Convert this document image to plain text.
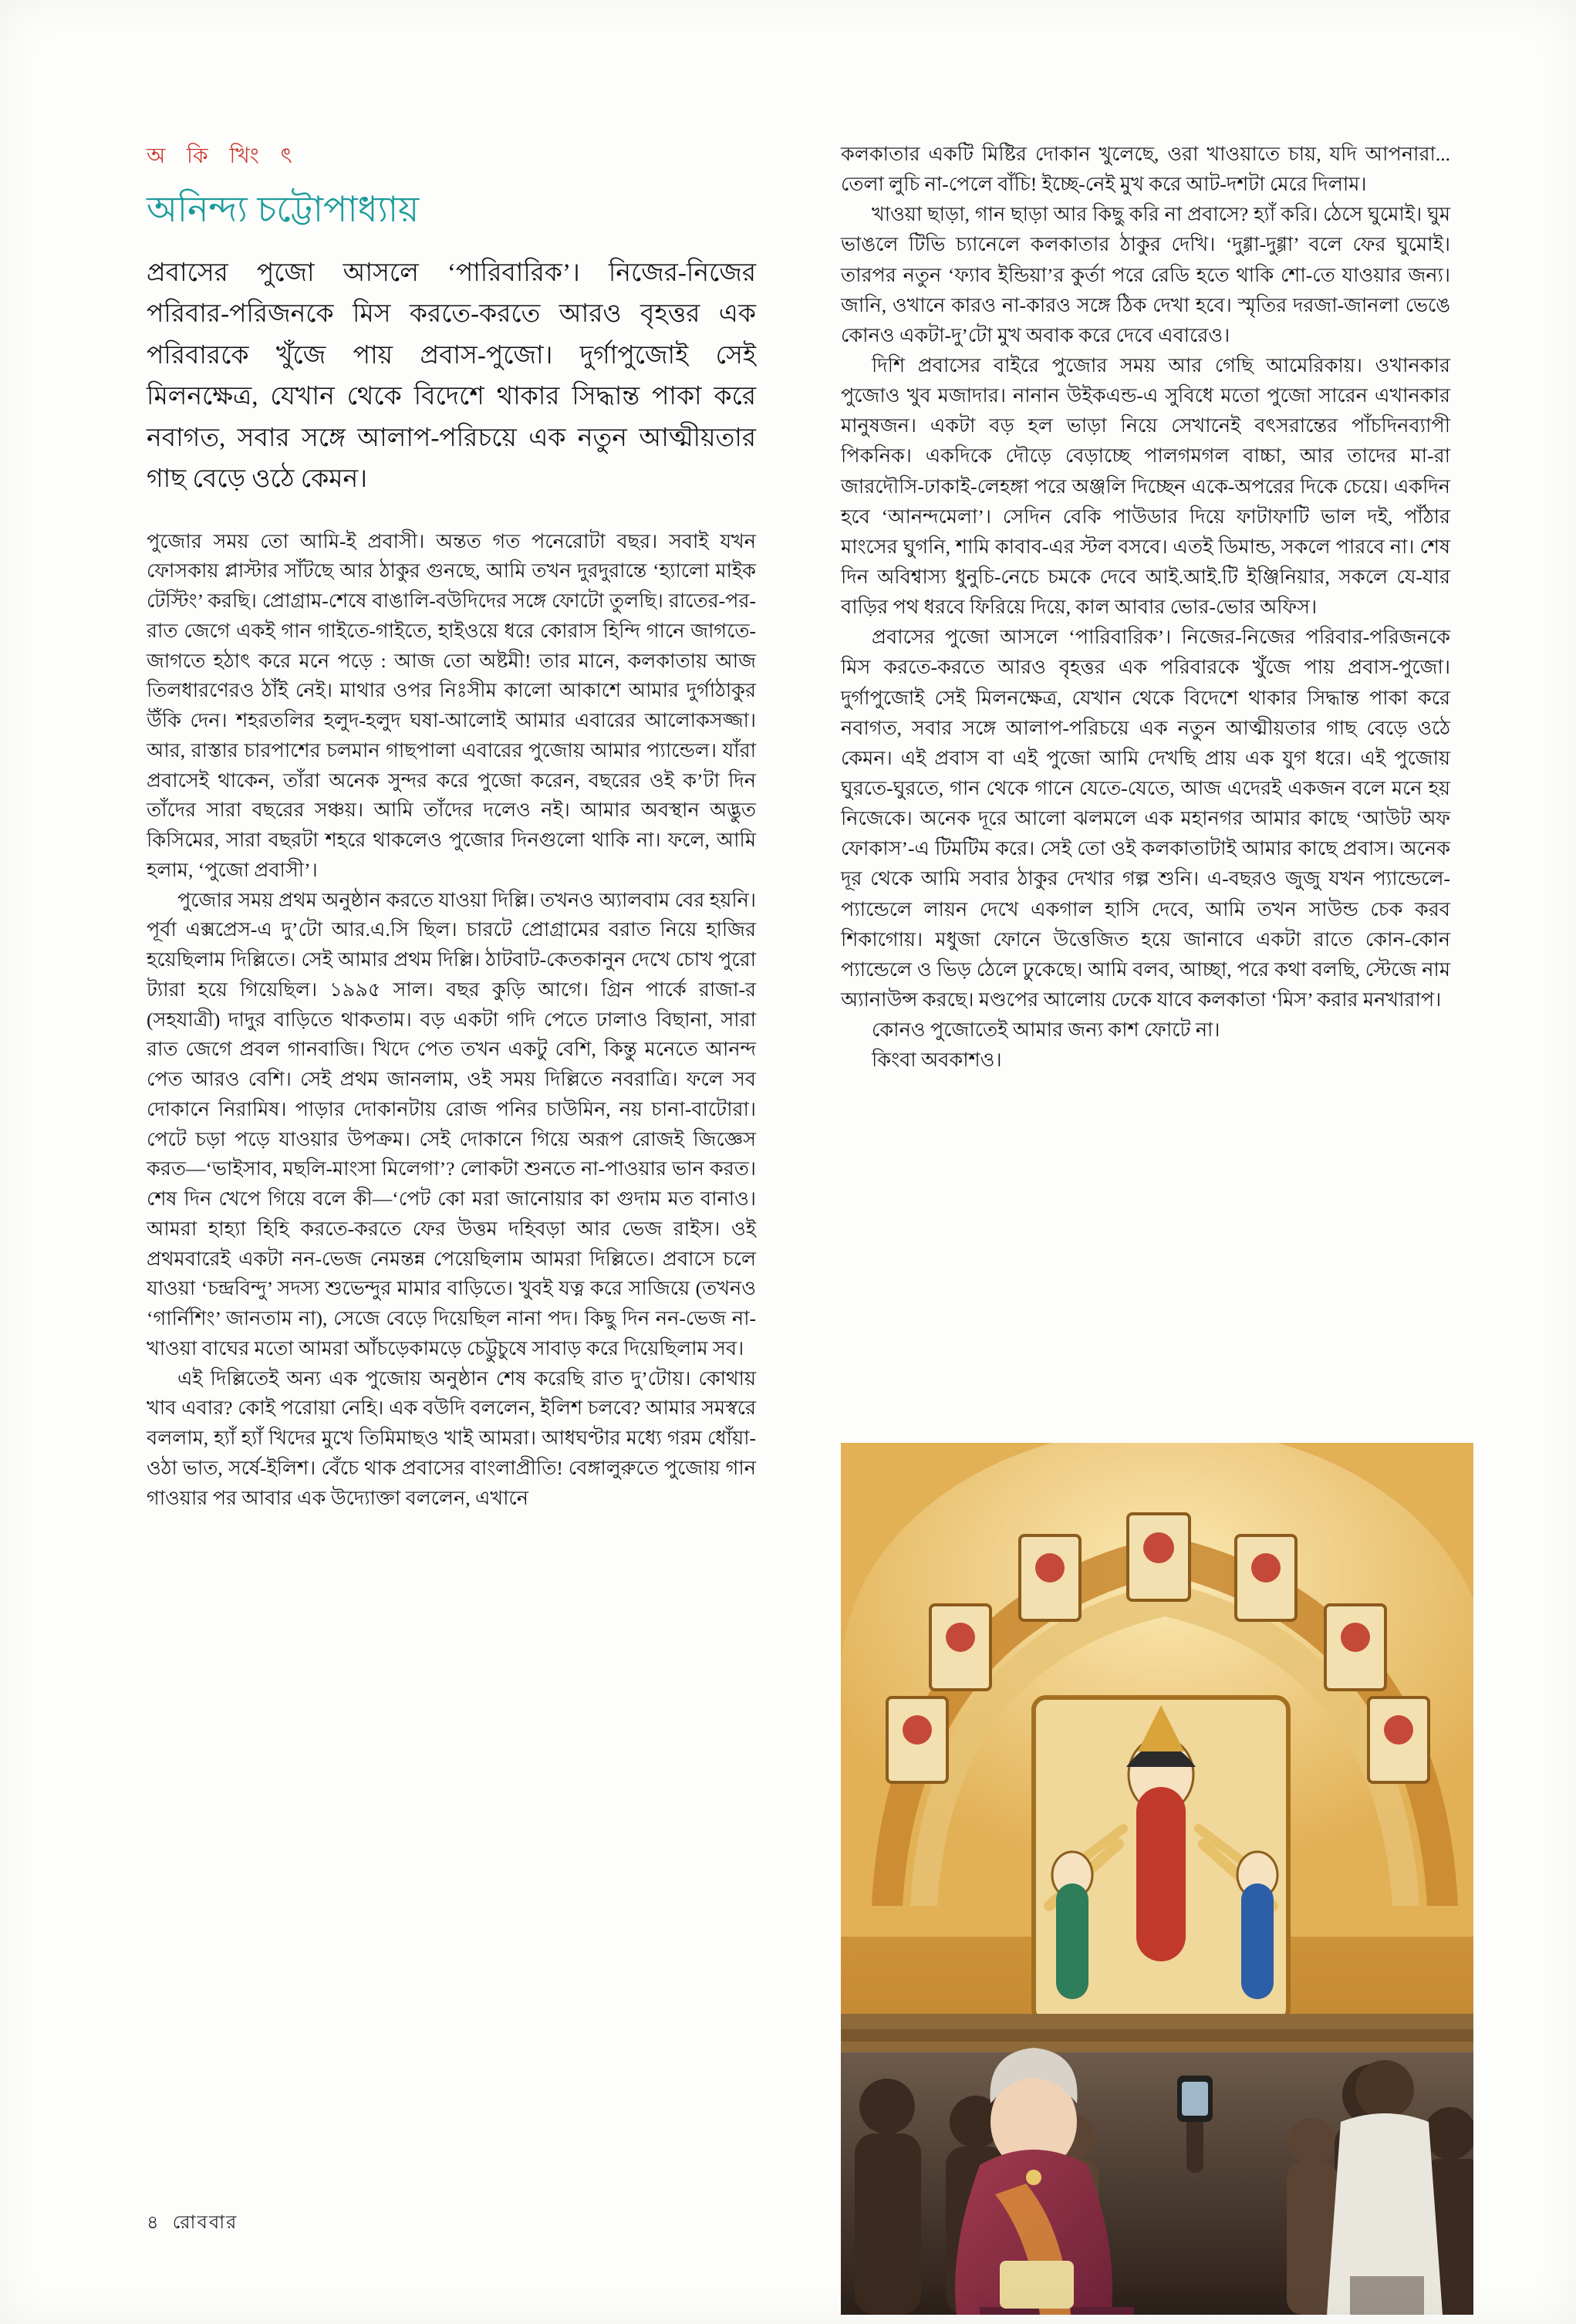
অ কি খিং ৎ
অনিন্দ্য চট্টোপাধ্যায়
প্রবাসের পুজো আসলে ‘পারিবারিক’। নিজের-নিজের পরিবার-পরিজনকে মিস করতে-করতে আরও বৃহত্তর এক পরিবারকে খুঁজে পায় প্রবাস-পুজো। দুর্গাপুজোই সেই মিলনক্ষেত্র, যেখান থেকে বিদেশে থাকার সিদ্ধান্ত পাকা করে নবাগত, সবার সঙ্গে আলাপ-পরিচয়ে এক নতুন আত্মীয়তার গাছ বেড়ে ওঠে কেমন।

পুজোর সময় তো আমি-ই প্রবাসী। অন্তত গত পনেরোটা বছর। সবাই যখন ফোসকায় প্লাস্টার সাঁটছে আর ঠাকুর গুনছে, আমি তখন দুরদুরান্তে ‘হ্যালো মাইক টেস্টিং’ করছি। প্রোগ্রাম-শেষে বাঙালি-বউদিদের সঙ্গে ফোটো তুলছি। রাতের-পর-রাত জেগে একই গান গাইতে-গাইতে, হাইওয়ে ধরে কোরাস হিন্দি গানে জাগতে-জাগতে হঠাৎ করে মনে পড়ে : আজ তো অষ্টমী! তার মানে, কলকাতায় আজ তিলধারণেরও ঠাঁই নেই। মাথার ওপর নিঃসীম কালো আকাশে আমার দুর্গাঠাকুর উঁকি দেন। শহরতলির হলুদ-হলুদ ঘষা-আলোই আমার এবারের আলোকসজ্জা। আর, রাস্তার চারপাশের চলমান গাছপালা এবারের পুজোয় আমার প্যান্ডেল। যাঁরা প্রবাসেই থাকেন, তাঁরা অনেক সুন্দর করে পুজো করেন, বছরের ওই ক’টা দিন তাঁদের সারা বছরের সঞ্চয়। আমি তাঁদের দলেও নই। আমার অবস্থান অদ্ভুত কিসিমের, সারা বছরটা শহরে থাকলেও পুজোর দিনগুলো থাকি না। ফলে, আমি হলাম, ‘পুজো প্রবাসী’।

পুজোর সময় প্রথম অনুষ্ঠান করতে যাওয়া দিল্লি। তখনও অ্যালবাম বের হয়নি। পূর্বা এক্সপ্রেস-এ দু’টো আর.এ.সি ছিল। চারটে প্রোগ্রামের বরাত নিয়ে হাজির হয়েছিলাম দিল্লিতে। সেই আমার প্রথম দিল্লি। ঠাটবাট-কেতকানুন দেখে চোখ পুরো ট্যারা হয়ে গিয়েছিল। ১৯৯৫ সাল। বছর কুড়ি আগে। গ্রিন পার্কে রাজা-র (সহযাত্রী) দাদুর বাড়িতে থাকতাম। বড় একটা গদি পেতে ঢালাও বিছানা, সারা রাত জেগে প্রবল গানবাজি। খিদে পেত তখন একটু বেশি, কিন্তু মনেতে আনন্দ পেত আরও বেশি। সেই প্রথম জানলাম, ওই সময় দিল্লিতে নবরাত্রি। ফলে সব দোকানে নিরামিষ। পাড়ার দোকানটায় রোজ পনির চাউমিন, নয় চানা-বাটোরা। পেটে চড়া পড়ে যাওয়ার উপক্রম। সেই দোকানে গিয়ে অরূপ রোজই জিজ্ঞেস করত—‘ভাইসাব, মছলি-মাংসা মিলেগা’? লোকটা শুনতে না-পাওয়ার ভান করত। শেষ দিন খেপে গিয়ে বলে কী—‘পেট কো মরা জানোয়ার কা গুদাম মত বানাও। আমরা হাহ্যা হিহি করতে-করতে ফের উত্তম দহিবড়া আর ভেজ রাইস। ওই প্রথমবারেই একটা নন-ভেজ নেমন্তন্ন পেয়েছিলাম আমরা দিল্লিতে। প্রবাসে চলে যাওয়া ‘চন্দ্রবিন্দু’ সদস্য শুভেন্দুর মামার বাড়িতে। খুবই যত্ন করে সাজিয়ে (তখনও ‘গার্নিশিং’ জানতাম না), সেজে বেড়ে দিয়েছিল নানা পদ। কিছু দিন নন-ভেজ না-খাওয়া বাঘের মতো আমরা আঁচড়েকামড়ে চেট্টুচুষে সাবাড় করে দিয়েছিলাম সব।

এই দিল্লিতেই অন্য এক পুজোয় অনুষ্ঠান শেষ করেছি রাত দু’টোয়। কোথায় খাব এবার? কোই পরোয়া নেহি। এক বউদি বললেন, ইলিশ চলবে? আমার সমস্বরে বললাম, হ্যাঁ হ্যাঁ খিদের মুখে তিমিমাছও খাই আমরা। আধঘণ্টার মধ্যে গরম ধোঁয়া-ওঠা ভাত, সর্ষে-ইলিশ। বেঁচে থাক প্রবাসের বাংলাপ্রীতি! বেঙ্গালুরুতে পুজোয় গান গাওয়ার পর আবার এক উদ্যোক্তা বললেন, এখানে

কলকাতার একটি মিষ্টির দোকান খুলেছে, ওরা খাওয়াতে চায়, যদি আপনারা... তেলা লুচি না-পেলে বাঁচি! ইচ্ছে-নেই মুখ করে আট-দশটা মেরে দিলাম।

খাওয়া ছাড়া, গান ছাড়া আর কিছু করি না প্রবাসে? হ্যাঁ করি। ঠেসে ঘুমোই। ঘুম ভাঙলে টিভি চ্যানেলে কলকাতার ঠাকুর দেখি। ‘দুগ্গা-দুগ্গা’ বলে ফের ঘুমোই। তারপর নতুন ‘ফ্যাব ইন্ডিয়া’র কুর্তা পরে রেডি হতে থাকি শো-তে যাওয়ার জন্য। জানি, ওখানে কারও না-কারও সঙ্গে ঠিক দেখা হবে। স্মৃতির দরজা-জানলা ভেঙে কোনও একটা-দু’টো মুখ অবাক করে দেবে এবারেও।

দিশি প্রবাসের বাইরে পুজোর সময় আর গেছি আমেরিকায়। ওখানকার পুজোও খুব মজাদার। নানান উইকএন্ড-এ সুবিধে মতো পুজো সারেন এখানকার মানুষজন। একটা বড় হল ভাড়া নিয়ে সেখানেই বৎসরান্তের পাঁচদিনব্যাপী পিকনিক। একদিকে দৌড়ে বেড়াচ্ছে পালগমগল বাচ্চা, আর তাদের মা-রা জারদৌসি-ঢাকাই-লেহঙ্গা পরে অঞ্জলি দিচ্ছেন একে-অপরের দিকে চেয়ে। একদিন হবে ‘আনন্দমেলা’। সেদিন বেকি পাউডার দিয়ে ফাটাফাটি ভাল দই, পাঁঠার মাংসের ঘুগনি, শামি কাবাব-এর স্টল বসবে। এতই ডিমান্ড, সকলে পারবে না। শেষ দিন অবিশ্বাস্য ধুনুচি-নেচে চমকে দেবে আই.আই.টি ইঞ্জিনিয়ার, সকলে যে-যার বাড়ির পথ ধরবে ফিরিয়ে দিয়ে, কাল আবার ভোর-ভোর অফিস।

প্রবাসের পুজো আসলে ‘পারিবারিক’। নিজের-নিজের পরিবার-পরিজনকে মিস করতে-করতে আরও বৃহত্তর এক পরিবারকে খুঁজে পায় প্রবাস-পুজো। দুর্গাপুজোই সেই মিলনক্ষেত্র, যেখান থেকে বিদেশে থাকার সিদ্ধান্ত পাকা করে নবাগত, সবার সঙ্গে আলাপ-পরিচয়ে এক নতুন আত্মীয়তার গাছ বেড়ে ওঠে কেমন। এই প্রবাস বা এই পুজো আমি দেখছি প্রায় এক যুগ ধরে। এই পুজোয় ঘুরতে-ঘুরতে, গান থেকে গানে যেতে-যেতে, আজ এদেরই একজন বলে মনে হয় নিজেকে। অনেক দূরে আলো ঝলমলে এক মহানগর আমার কাছে ‘আউট অফ ফোকাস’-এ টিমটিম করে। সেই তো ওই কলকাতাটাই আমার কাছে প্রবাস। অনেক দূর থেকে আমি সবার ঠাকুর দেখার গল্প শুনি। এ-বছরও জুজু যখন প্যান্ডেলে-প্যান্ডেলে লায়ন দেখে একগাল হাসি দেবে, আমি তখন সাউন্ড চেক করব শিকাগোয়। মধুজা ফোনে উত্তেজিত হয়ে জানাবে একটা রাতে কোন-কোন প্যান্ডেলে ও ভিড় ঠেলে ঢুকেছে। আমি বলব, আচ্ছা, পরে কথা বলছি, স্টেজে নাম অ্যানাউন্স করছে। মণ্ডপের আলোয় ঢেকে যাবে কলকাতা ‘মিস’ করার মনখারাপ।

কোনও পুজোতেই আমার জন্য কাশ ফোটে না।

কিংবা অবকাশও।

৪ রোববার
